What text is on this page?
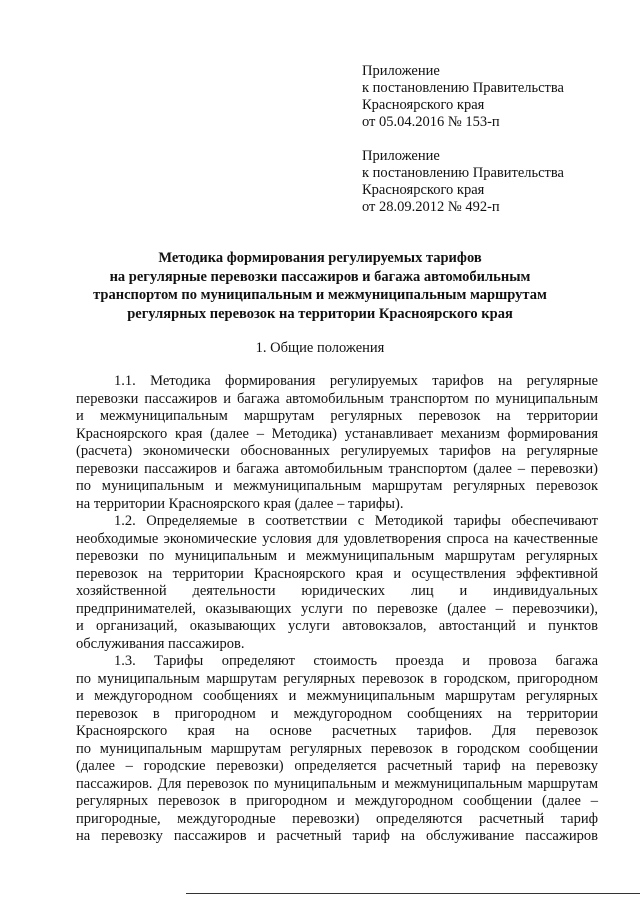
Приложение
к постановлению Правительства
Красноярского края
от 05.04.2016 № 153-п
Приложение
к постановлению Правительства
Красноярского края
от 28.09.2012 № 492-п
Методика формирования регулируемых тарифов
на регулярные перевозки пассажиров и багажа автомобильным
транспортом по муниципальным и межмуниципальным маршрутам
регулярных перевозок на территории Красноярского края
1. Общие положения

1.1. Методика формирования регулируемых тарифов на регулярные

перевозки пассажиров и багажа автомобильным транспортом по муниципальным

и межмуниципальным маршрутам регулярных перевозок на территории

Красноярского края (далее – Методика) устанавливает механизм формирования

(расчета) экономически обоснованных регулируемых тарифов на регулярные

перевозки пассажиров и багажа автомобильным транспортом (далее – перевозки)

по муниципальным и межмуниципальным маршрутам регулярных перевозок

на территории Красноярского края (далее – тарифы).

1.2. Определяемые в соответствии с Методикой тарифы обеспечивают

необходимые экономические условия для удовлетворения спроса на качественные

перевозки по муниципальным и межмуниципальным маршрутам регулярных

перевозок на территории Красноярского края и осуществления эффективной

хозяйственной деятельности юридических лиц и индивидуальных

предпринимателей, оказывающих услуги по перевозке (далее – перевозчики),

и организаций, оказывающих услуги автовокзалов, автостанций и пунктов

обслуживания пассажиров.

1.3. Тарифы определяют стоимость проезда и провоза багажа

по муниципальным маршрутам регулярных перевозок в городском, пригородном

и междугородном сообщениях и межмуниципальным маршрутам регулярных

перевозок в пригородном и междугородном сообщениях на территории

Красноярского края на основе расчетных тарифов. Для перевозок

по муниципальным маршрутам регулярных перевозок в городском сообщении

(далее – городские перевозки) определяется расчетный тариф на перевозку

пассажиров. Для перевозок по муниципальным и межмуниципальным маршрутам

регулярных перевозок в пригородном и междугородном сообщении (далее –

пригородные, междугородные перевозки) определяются расчетный тариф

на перевозку пассажиров и расчетный тариф на обслуживание пассажиров
